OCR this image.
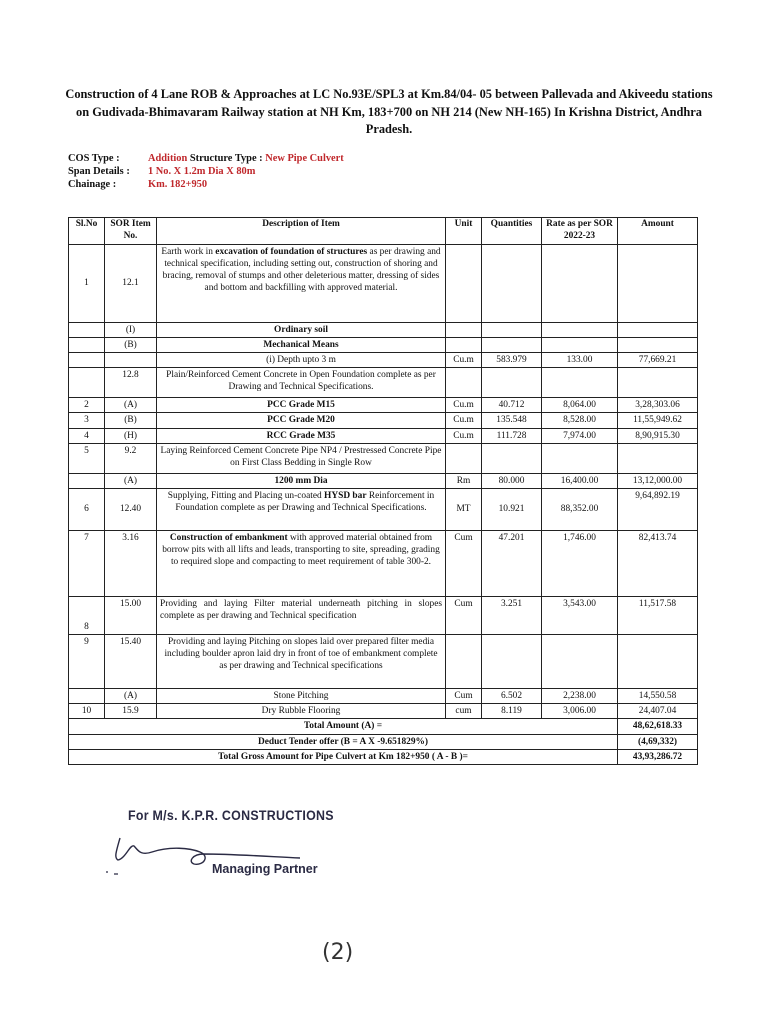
Construction of 4 Lane ROB & Approaches at LC No.93E/SPL3 at Km.84/04- 05 between Pallevada and Akiveedu stations on Gudivada-Bhimavaram Railway station at NH Km, 183+700 on NH 214 (New NH-165) In Krishna District, Andhra Pradesh.
COS Type :	Addition Structure Type : New Pipe Culvert
Span Details : 1 No. X 1.2m Dia X 80m
Chainage :	Km. 182+950
Sl.No	SOR Item No.	Description of Item	Unit	Quantities	Rate as per SOR 2022-23	Amount
1	12.1	Earth work in excavation of foundation of structures as per drawing and technical specification, including setting out, construction of shoring and bracing, removal of stumps and other deleterious matter, dressing of sides and bottom and backfilling with approved material.				
	(I)	Ordinary soil				
	(B)	Mechanical Means				
		(i) Depth upto 3 m	Cu.m	583.979	133.00	77,669.21
	12.8	Plain/Reinforced Cement Concrete in Open Foundation complete as per Drawing and Technical Specifications.				
2	(A)	PCC Grade M15	Cu.m	40.712	8,064.00	3,28,303.06
3	(B)	PCC Grade M20	Cu.m	135.548	8,528.00	11,55,949.62
4	(H)	RCC Grade M35	Cu.m	111.728	7,974.00	8,90,915.30
5	9.2	Laying Reinforced Cement Concrete Pipe NP4 / Prestressed Concrete Pipe on First Class Bedding in Single Row				
	(A)	1200 mm Dia	Rm	80.000	16,400.00	13,12,000.00
6	12.40	Supplying, Fitting and Placing un-coated HYSD bar Reinforcement in Foundation complete as per Drawing and Technical Specifications.	MT	10.921	88,352.00	9,64,892.19
7	3.16	Construction of embankment with approved material obtained from borrow pits with all lifts and leads, transporting to site, spreading, grading to required slope and compacting to meet requirement of table 300-2.	Cum	47.201	1,746.00	82,413.74
8	15.00	Providing and laying Filter material underneath pitching in slopes complete as per drawing and Technical specification	Cum	3.251	3,543.00	11,517.58
9	15.40	Providing and laying Pitching on slopes laid over prepared filter media including boulder apron laid dry in front of toe of embankment complete as per drawing and Technical specifications				
	(A)	Stone Pitching	Cum	6.502	2,238.00	14,550.58
10	15.9	Dry Rubble Flooring	cum	8.119	3,006.00	24,407.04
Total Amount (A) =						48,62,618.33
Deduct Tender offer (B = A X -9.651829%)						(4,69,332)
Total Gross Amount for Pipe Culvert at Km 182+950 ( A - B )=						43,93,286.72
For M/s. K.P.R. CONSTRUCTIONS
Managing Partner
(2)
